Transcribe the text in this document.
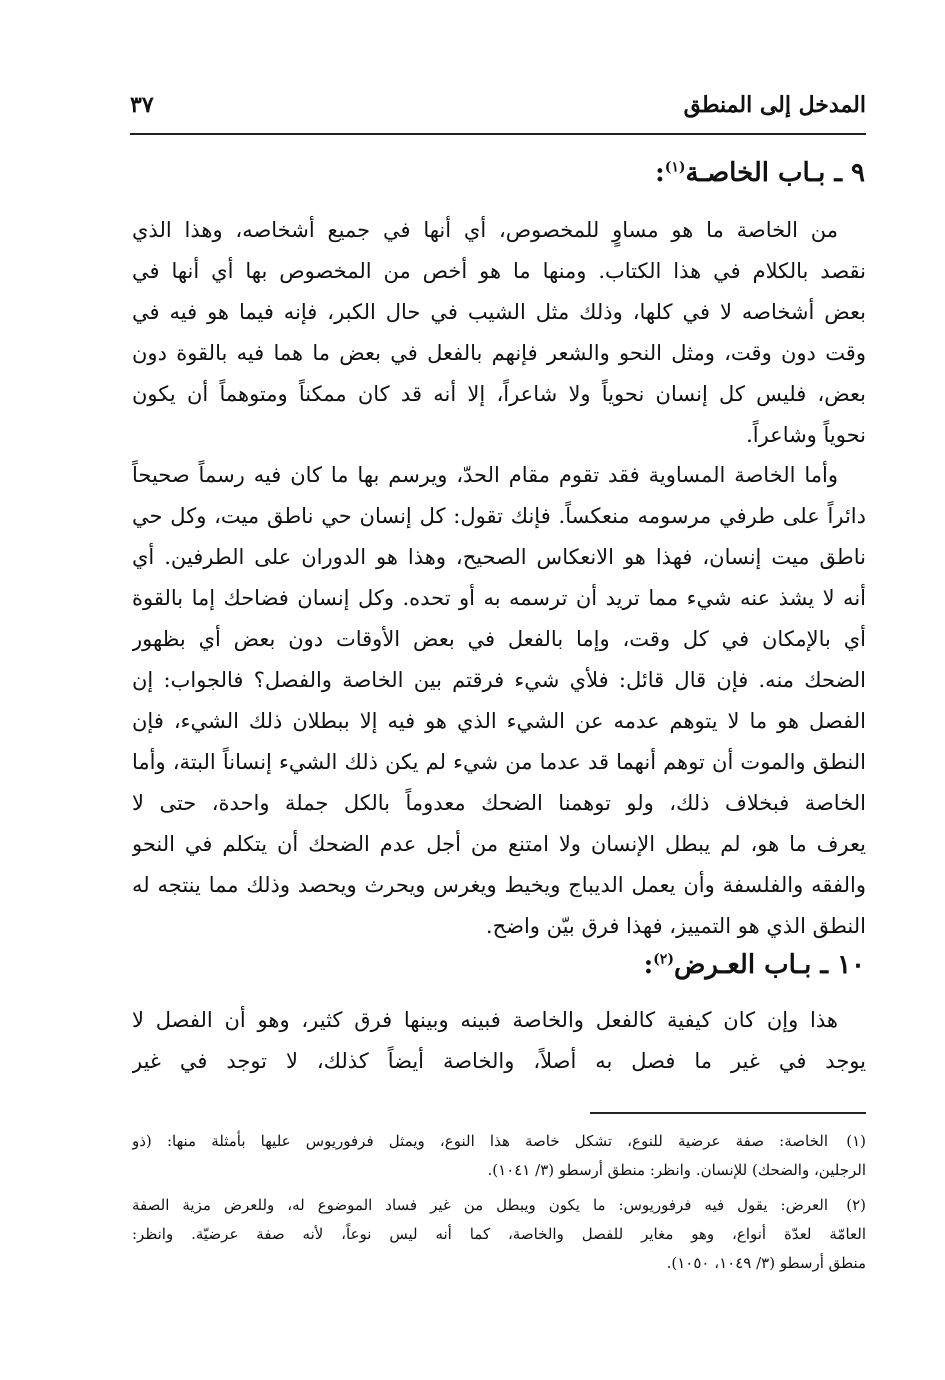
المدخل إلى المنطق
٣٧
٩ ـ بـاب الخاصـة$^{(١)}$:
من الخاصة ما هو مساوٍ للمخصوص، أي أنها في جميع أشخاصه، وهذا الذي
نقصد بالكلام في هذا الكتاب. ومنها ما هو أخص من المخصوص بها أي أنها في
بعض أشخاصه لا في كلها، وذلك مثل الشيب في حال الكبر، فإنه فيما هو فيه في
وقت دون وقت، ومثل النحو والشعر فإنهم بالفعل في بعض ما هما فيه بالقوة دون
بعض، فليس كل إنسان نحوياً ولا شاعراً، إلا أنه قد كان ممكناً ومتوهماً أن يكون
نحوياً وشاعراً.
وأما الخاصة المساوية فقد تقوم مقام الحدّ، ويرسم بها ما كان فيه رسماً صحيحاً
دائراً على طرفي مرسومه منعكساً. فإنك تقول: كل إنسان حي ناطق ميت، وكل حي
ناطق ميت إنسان، فهذا هو الانعكاس الصحيح، وهذا هو الدوران على الطرفين. أي
أنه لا يشذ عنه شيء مما تريد أن ترسمه به أو تحده. وكل إنسان فضاحك إما بالقوة
أي بالإمكان في كل وقت، وإما بالفعل في بعض الأوقات دون بعض أي بظهور
الضحك منه. فإن قال قائل: فلأي شيء فرقتم بين الخاصة والفصل؟ فالجواب: إن
الفصل هو ما لا يتوهم عدمه عن الشيء الذي هو فيه إلا ببطلان ذلك الشيء، فإن
النطق والموت أن توهم أنهما قد عدما من شيء لم يكن ذلك الشيء إنساناً البتة، وأما
الخاصة فبخلاف ذلك، ولو توهمنا الضحك معدوماً بالكل جملة واحدة، حتى لا
يعرف ما هو، لم يبطل الإنسان ولا امتنع من أجل عدم الضحك أن يتكلم في النحو
والفقه والفلسفة وأن يعمل الديباج ويخيط ويغرس ويحرث ويحصد وذلك مما ينتجه له
النطق الذي هو التمييز، فهذا فرق بيّن واضح.
١٠ ـ بـاب العـرض$^{(٢)}$:
هذا وإن كان كيفية كالفعل والخاصة فبينه وبينها فرق كثير، وهو أن الفصل لا
يوجد في غير ما فصل به أصلاً، والخاصة أيضاً كذلك، لا توجد في غير
(١)
الخاصة: صفة عرضية للنوع، تشكل خاصة هذا النوع، ويمثل فرفوريوس عليها بأمثلة منها: (ذو
الرجلين، والضحك) للإنسان. وانظر: منطق أرسطو (٣/ ١٠٤١).
(٢)
العرض: يقول فيه فرفوريوس: ما يكون ويبطل من غير فساد الموضوع له، وللعرض مزية الصفة
العامّة لعدّة أنواع، وهو مغاير للفصل والخاصة، كما أنه ليس نوعاً، لأنه صفة عرضيّة. وانظر:
منطق أرسطو (٣/ ١٠٤٩، ١٠٥٠).
